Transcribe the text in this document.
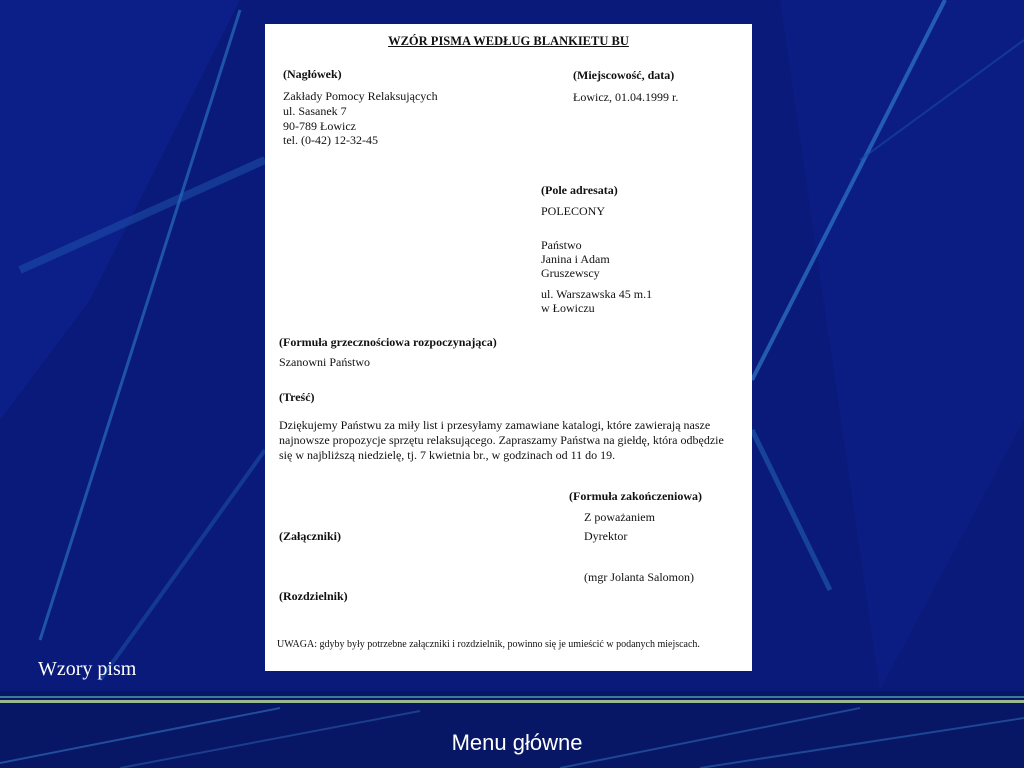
WZÓR PISMA WEDŁUG BLANKIETU BU
(Nagłówek)
Zakłady Pomocy Relaksujących
ul. Sasanek 7
90-789 Łowicz
tel. (0-42) 12-32-45
(Miejscowość, data)
Łowicz, 01.04.1999 r.
(Pole adresata)
POLECONY
Państwo
Janina i Adam
Gruszewscy
ul. Warszawska 45 m.1
w Łowiczu
(Formuła grzecznościowa rozpoczynająca)
Szanowni Państwo
(Treść)
Dziękujemy Państwu za miły list i przesyłamy zamawiane katalogi, które zawierają nasze najnowsze propozycje sprzętu relaksującego. Zapraszamy Państwa na giełdę, która odbędzie się w najbliższą niedzielę, tj. 7 kwietnia br., w godzinach od 11 do 19.
(Formuła zakończeniowa)
Z poważaniem
Dyrektor
(mgr Jolanta Salomon)
(Załączniki)
(Rozdzielnik)
UWAGA: gdyby były potrzebne załączniki i rozdzielnik, powinno się je umieścić w podanych miejscach.
Wzory pism
Menu główne
